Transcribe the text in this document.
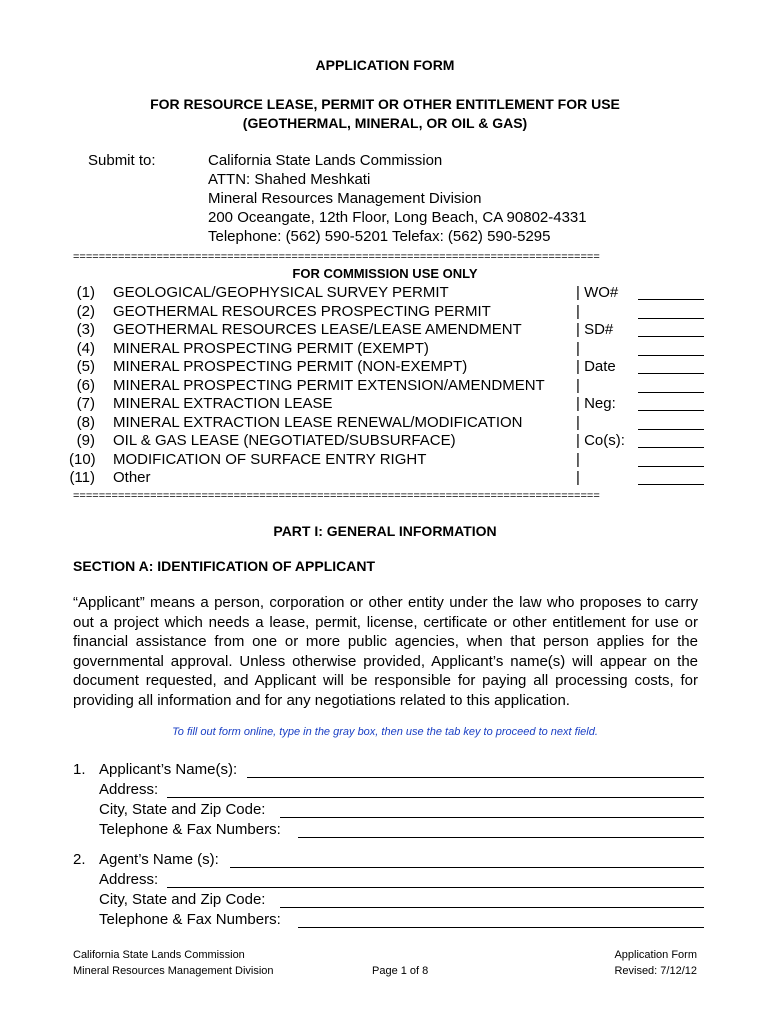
APPLICATION FORM
FOR RESOURCE LEASE, PERMIT OR OTHER ENTITLEMENT FOR USE
(GEOTHERMAL, MINERAL, OR OIL & GAS)
Submit to:	California State Lands Commission
ATTN: Shahed Meshkati
Mineral Resources Management Division
200 Oceangate, 12th Floor, Long Beach, CA 90802-4331
Telephone: (562) 590-5201 Telefax: (562) 590-5295
==================================================================================
FOR COMMISSION USE ONLY
(1) GEOLOGICAL/GEOPHYSICAL SURVEY PERMIT
(2) GEOTHERMAL RESOURCES PROSPECTING PERMIT
(3) GEOTHERMAL RESOURCES LEASE/LEASE AMENDMENT
(4) MINERAL PROSPECTING PERMIT (EXEMPT)
(5) MINERAL PROSPECTING PERMIT (NON-EXEMPT)
(6) MINERAL PROSPECTING PERMIT EXTENSION/AMENDMENT
(7) MINERAL EXTRACTION LEASE
(8) MINERAL EXTRACTION LEASE RENEWAL/MODIFICATION
(9) OIL & GAS LEASE (NEGOTIATED/SUBSURFACE)
(10) MODIFICATION OF SURFACE ENTRY RIGHT
(11) Other
| WO#
|
| SD#
|
| Date
|
| Neg:
|
| Co(s):
|
|
==================================================================================
PART I: GENERAL INFORMATION
SECTION A: IDENTIFICATION OF APPLICANT
“Applicant” means a person, corporation or other entity under the law who proposes to carry out a project which needs a lease, permit, license, certificate or other entitlement for use or financial assistance from one or more public agencies, when that person applies for the governmental approval. Unless otherwise provided, Applicant’s name(s) will appear on the document requested, and Applicant will be responsible for paying all processing costs, for providing all information and for any negotiations related to this application.
To fill out form online, type in the gray box, then use the tab key to proceed to next field.
1. Applicant’s Name(s):
Address:
City, State and Zip Code:
Telephone & Fax Numbers:
2. Agent’s Name (s):
Address:
City, State and Zip Code:
Telephone & Fax Numbers:
California State Lands Commission
Mineral Resources Management Division	Page 1 of 8
Application Form
Revised: 7/12/12
